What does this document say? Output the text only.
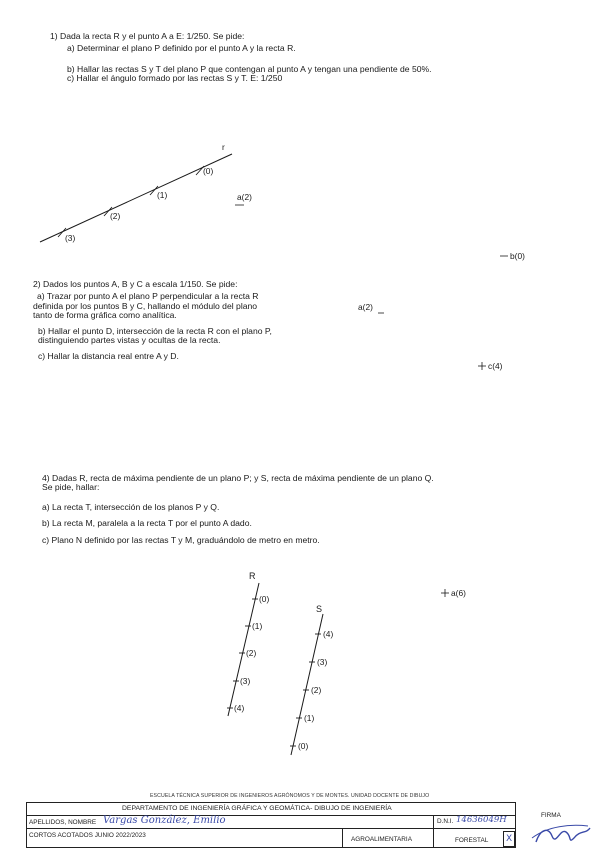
1) Dada la recta R y el punto A a E: 1/250. Se pide:
a) Determinar el plano P definido por el punto A y la recta R.
b) Hallar las rectas S y T del plano P que contengan al punto A y tengan una pendiente de 50%.
c) Hallar el ángulo formado por las rectas S y T. E: 1/250
r
(0)
(1)
(2)
(3)
a(2)
b(0)
2) Dados los puntos A, B y C a escala 1/150. Se pide:
a) Trazar por punto A el plano P perpendicular a la recta R
definida por los puntos B y C, hallando el módulo del plano
tanto de forma gráfica como analítica.
b) Hallar el punto D, intersección de la recta R con el plano P,
distinguiendo partes vistas y ocultas de la recta.
c) Hallar la distancia real entre A y D.
a(2)
c(4)
4) Dadas R, recta de máxima pendiente de un plano P; y S, recta de máxima pendiente de un plano Q.
Se pide, hallar:
a) La recta T, intersección de los planos P y Q.
b) La recta M, paralela a la recta T por el punto A dado.
c) Plano N definido por las rectas T y M, graduándolo de metro en metro.
R
S
(0)
(1)
(2)
(3)
(4)
(4)
(3)
(2)
(1)
(0)
a(6)
ESCUELA TÉCNICA SUPERIOR DE INGENIEROS AGRÓNOMOS Y DE MONTES. UNIDAD DOCENTE DE DIBUJO
DEPARTAMENTO DE INGENIERÍA GRÁFICA Y GEOMÁTICA- DIBUJO DE INGENIERÍA
FIRMA
APELLIDOS, NOMBRE Vargas González, Emilio	D.N.I. 14636049H
CORTOS ACOTADOS JUNIO 2022/2023
AGROALIMENTARIA	FORESTAL X
